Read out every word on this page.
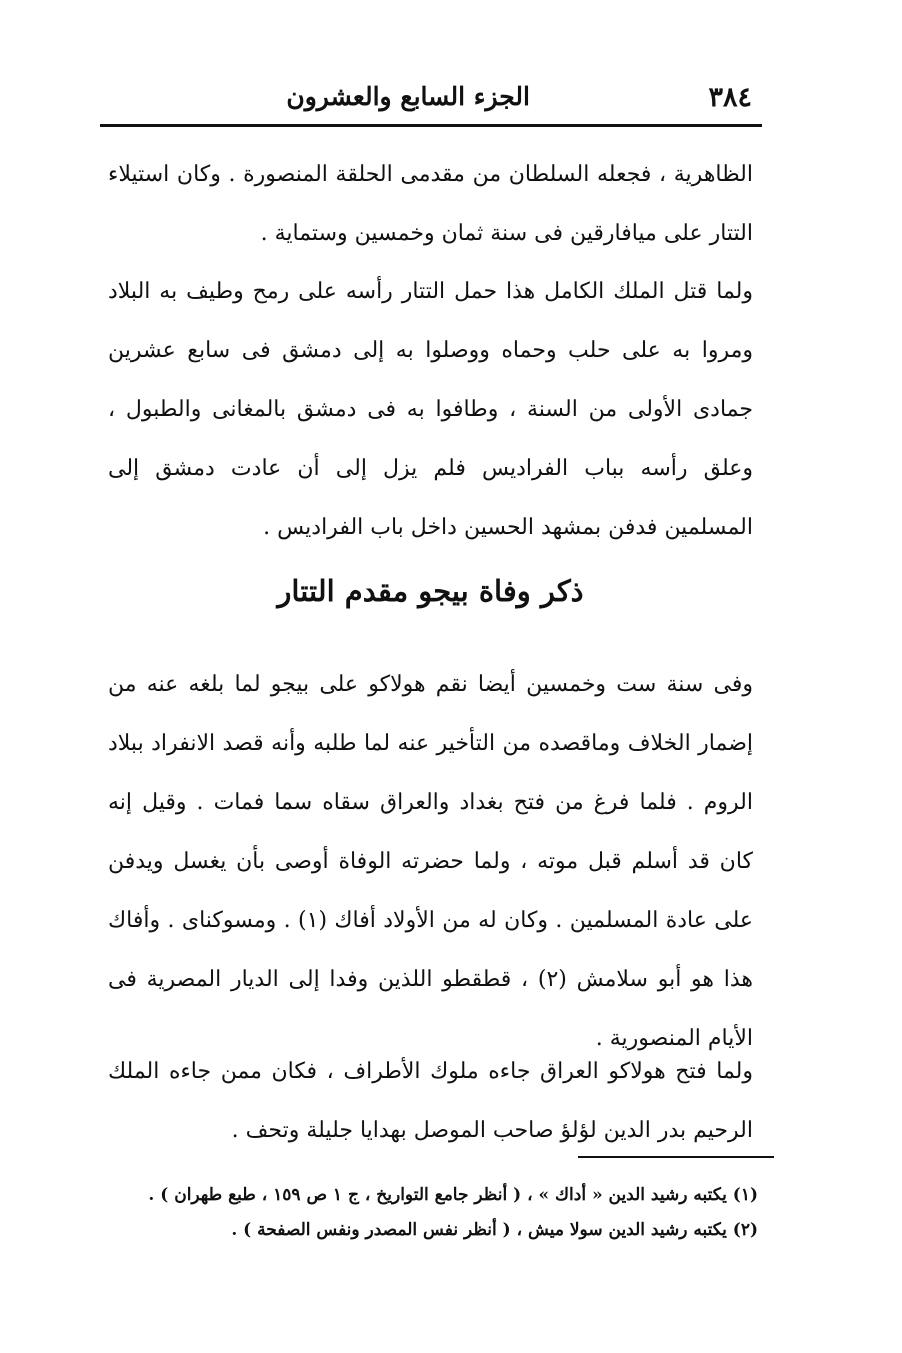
٣٨٤
الجزء السابع والعشرون

الظاهرية ، فجعله السلطان من مقدمى الحلقة المنصورة . وكان استيلاء التتار على ميافارقين فى سنة ثمان وخمسين وستماية .

ولما قتل الملك الكامل هذا حمل التتار رأسه على رمح وطيف به البلاد ومروا به على حلب وحماه ووصلوا به إلى دمشق فى سابع عشرين جمادى الأولى من السنة ، وطافوا به فى دمشق بالمغانى والطبول ، وعلق رأسه بباب الفراديس فلم يزل إلى أن عادت دمشق إلى المسلمين فدفن بمشهد الحسين داخل باب الفراديس .

ذكر وفاة بيجو مقدم التتار

وفى سنة ست وخمسين أيضا نقم هولاكو على بيجو لما بلغه عنه من إضمار الخلاف وماقصده من التأخير عنه لما طلبه وأنه قصد الانفراد ببلاد الروم . فلما فرغ من فتح بغداد والعراق سقاه سما فمات . وقيل إنه كان قد أسلم قبل موته ، ولما حضرته الوفاة أوصى بأن يغسل ويدفن على عادة المسلمين . وكان له من الأولاد أفاك (١) . ومسوكناى . وأفاك هذا هو أبو سلامش (٢) ، قطقطو اللذين وفدا إلى الديار المصرية فى الأيام المنصورية .

ولما فتح هولاكو العراق جاءه ملوك الأطراف ، فكان ممن جاءه الملك الرحيم بدر الدين لؤلؤ صاحب الموصل بهدايا جليلة وتحف .

(١) يكتبه رشيد الدين « أداك » ، ( أنظر جامع التواريخ ، ج ١ ص ١٥٩ ، طبع طهران ) .

(٢) يكتبه رشيد الدين سولا ميش ، ( أنظر نفس المصدر ونفس الصفحة ) .
